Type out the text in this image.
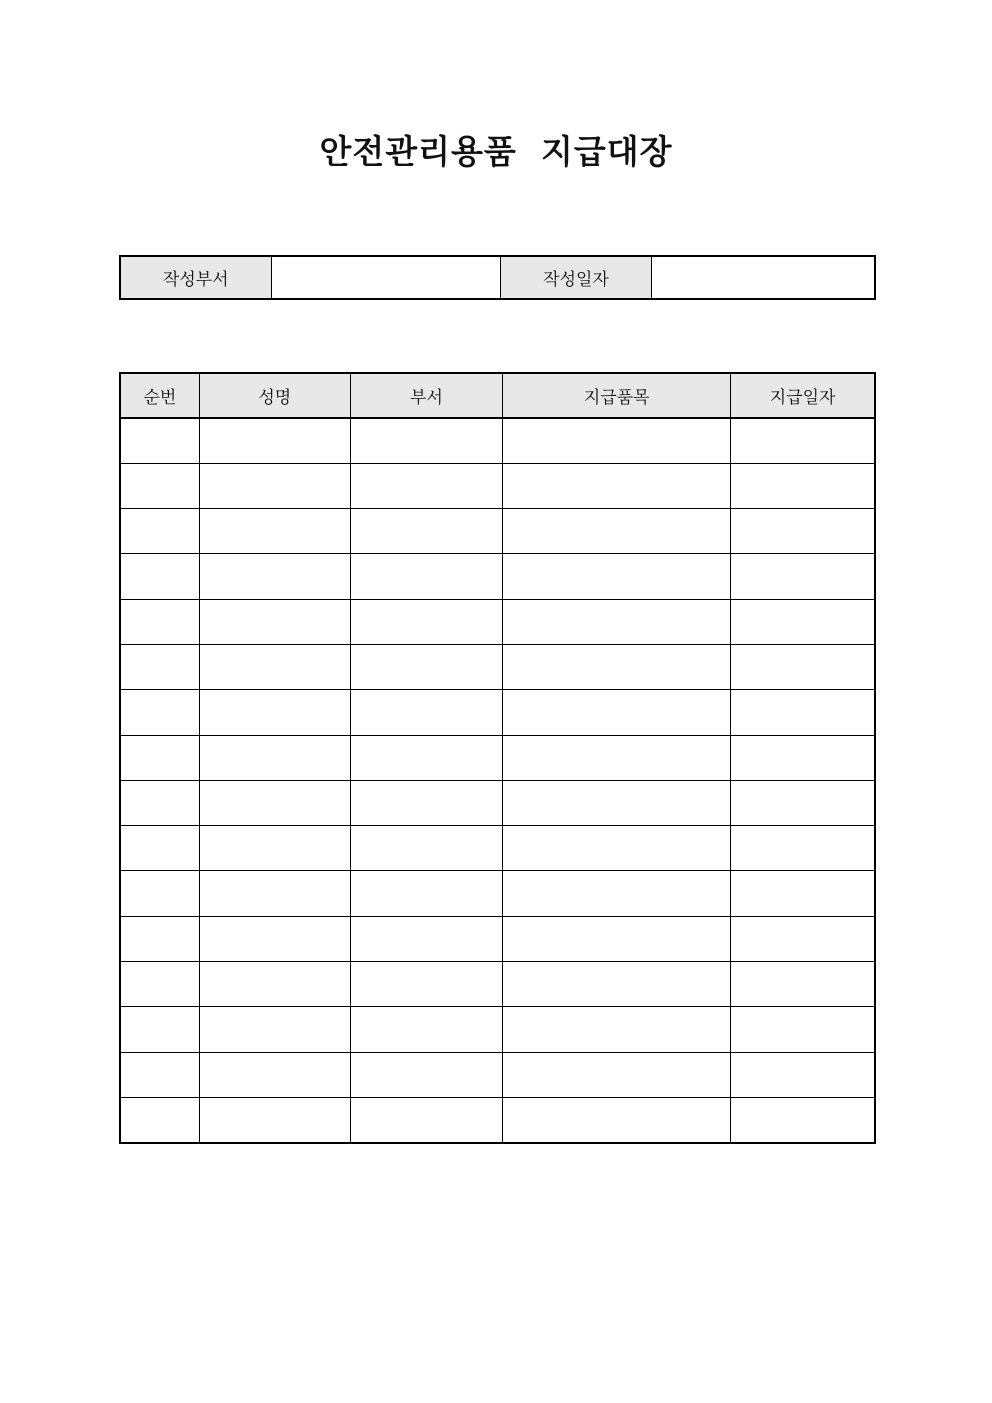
안전관리용품 지급대장
작성부서		작성일자	
순번	성명	부서	지급품목	지급일자
